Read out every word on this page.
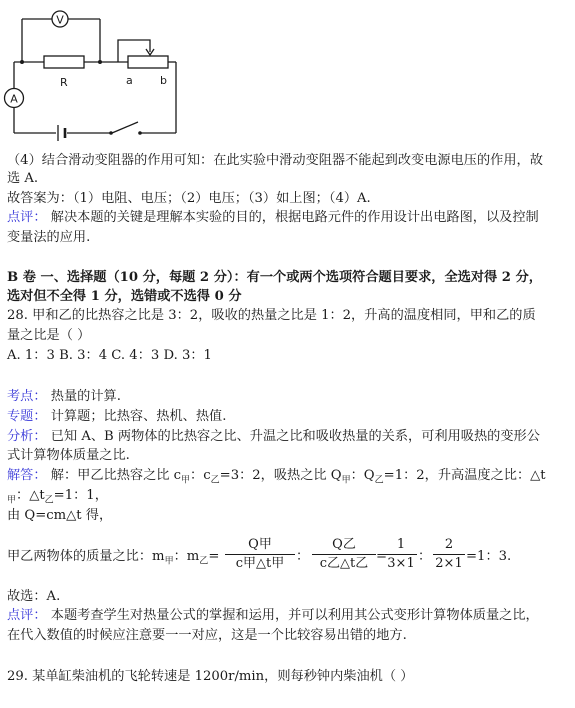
V
A
R	a b
（4）结合滑动变阻器的作用可知：在此实验中滑动变阻器不能起到改变电源电压的作用，故
选 A.
故答案为：（1）电阻、电压；（2）电压；（3）如上图；（4）A.
点评： 解决本题的关键是理解本实验的目的，根据电路元件的作用设计出电路图，以及控制
变量法的应用.
B 卷 一、选择题（10 分，每题 2 分）：有一个或两个选项符合题目要求，全选对得 2 分，
选对但不全得 1 分，选错或不选得 0 分
28. 甲和乙的比热容之比是 3：2，吸收的热量之比是 1：2，升高的温度相同，甲和乙的质
量之比是（ ）
A. 1：3 B. 3：4 C. 4：3 D. 3：1
考点： 热量的计算.
专题： 计算题；比热容、热机、热值.
分析： 已知 A、B 两物体的比热容之比、升温之比和吸收热量的关系，可利用吸热的变形公
式计算物体质量之比.
解答： 解：甲乙比热容之比 $c_甲$：$c_乙=3$：2，吸热之比 $Q_甲$：$Q_乙=1$：2，升高温度之比：△t
$_甲$：$\triangle t_乙=1$：1，
由 Q=cm△t 得，
甲乙两物体的质量之比：$m_甲$：$m_乙=$
Q甲
c甲△t甲 ：
Q乙
c乙△t乙 =
1
3×1 ：
2
2×1 =1：3.
故选：A.
点评： 本题考查学生对热量公式的掌握和运用，并可以利用其公式变形计算物体质量之比，
在代入数值的时候应注意要一一对应，这是一个比较容易出错的地方.
29. 某单缸柴油机的飞轮转速是 1200r/min，则每秒钟内柴油机（ ）
